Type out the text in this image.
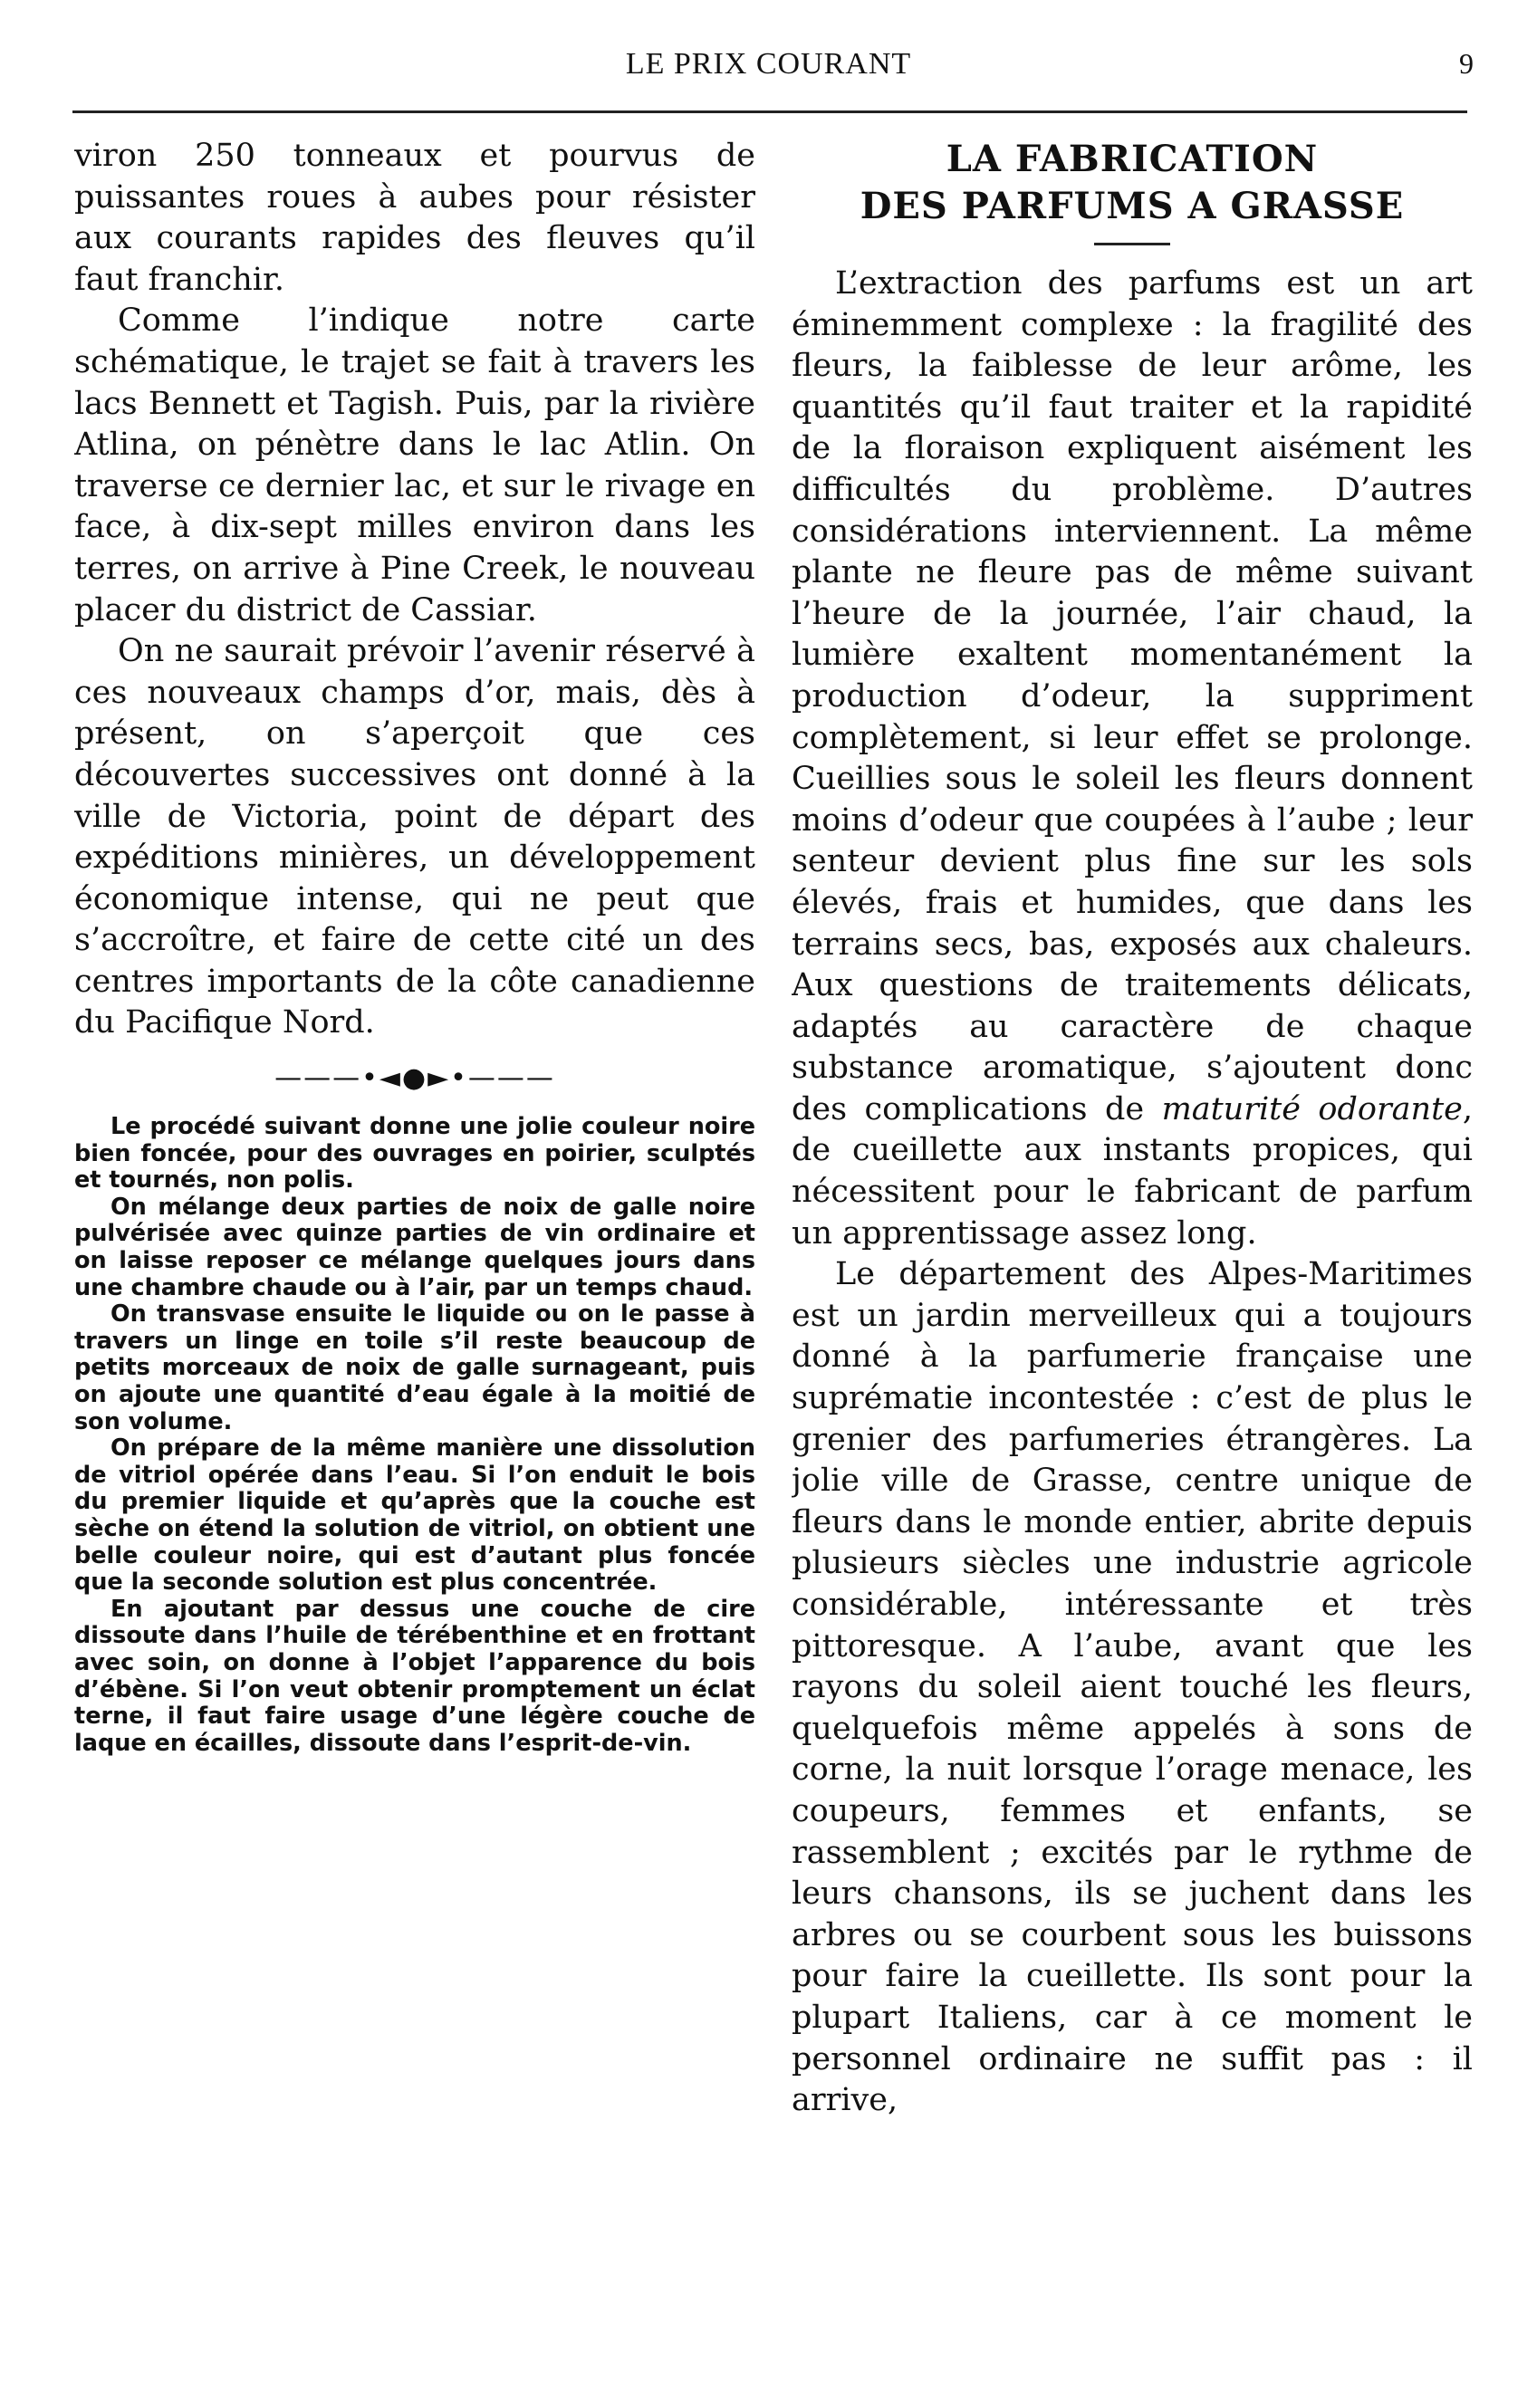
LE PRIX COURANT	9

viron 250 tonneaux et pourvus de puissantes roues à aubes pour résister aux courants rapides des fleuves qu’il faut franchir.

Comme l’indique notre carte schématique, le trajet se fait à travers les lacs Bennett et Tagish. Puis, par la rivière Atlina, on pénètre dans le lac Atlin. On traverse ce dernier lac, et sur le rivage en face, à dix-sept milles environ dans les terres, on arrive à Pine Creek, le nouveau placer du district de Cassiar.

On ne saurait prévoir l’avenir réservé à ces nouveaux champs d’or, mais, dès à présent, on s’aperçoit que ces découvertes successives ont donné à la ville de Victoria, point de départ des expéditions minières, un développement économique intense, qui ne peut que s’accroître, et faire de cette cité un des centres importants de la côte canadienne du Pacifique Nord.

———•◄●►•———

Le procédé suivant donne une jolie couleur noire bien foncée, pour des ouvrages en poirier, sculptés et tournés, non polis.

On mélange deux parties de noix de galle noire pulvérisée avec quinze parties de vin ordinaire et on laisse reposer ce mélange quelques jours dans une chambre chaude ou à l’air, par un temps chaud.

On transvase ensuite le liquide ou on le passe à travers un linge en toile s’il reste beaucoup de petits morceaux de noix de galle surnageant, puis on ajoute une quantité d’eau égale à la moitié de son volume.

On prépare de la même manière une dissolution de vitriol opérée dans l’eau. Si l’on enduit le bois du premier liquide et qu’après que la couche est sèche on étend la solution de vitriol, on obtient une belle couleur noire, qui est d’autant plus foncée que la seconde solution est plus concentrée.

En ajoutant par dessus une couche de cire dissoute dans l’huile de térébenthine et en frottant avec soin, on donne à l’objet l’apparence du bois d’ébène. Si l’on veut obtenir promptement un éclat terne, il faut faire usage d’une légère couche de laque en écailles, dissoute dans l’esprit-de-vin.

LA FABRICATION
DES PARFUMS A GRASSE

L’extraction des parfums est un art éminemment complexe : la fragilité des fleurs, la faiblesse de leur arôme, les quantités qu’il faut traiter et la rapidité de la floraison expliquent aisément les difficultés du problème. D’autres considérations interviennent. La même plante ne fleure pas de même suivant l’heure de la journée, l’air chaud, la lumière exaltent momentanément la production d’odeur, la suppriment complètement, si leur effet se prolonge. Cueillies sous le soleil les fleurs donnent moins d’odeur que coupées à l’aube ; leur senteur devient plus fine sur les sols élevés, frais et humides, que dans les terrains secs, bas, exposés aux chaleurs. Aux questions de traitements délicats, adaptés au caractère de chaque substance aromatique, s’ajoutent donc des complications de maturité odorante, de cueillette aux instants propices, qui nécessitent pour le fabricant de parfum un apprentissage assez long.

Le département des Alpes-Maritimes est un jardin merveilleux qui a toujours donné à la parfumerie française une suprématie incontestée : c’est de plus le grenier des parfumeries étrangères. La jolie ville de Grasse, centre unique de fleurs dans le monde entier, abrite depuis plusieurs siècles une industrie agricole considérable, intéressante et très pittoresque. A l’aube, avant que les rayons du soleil aient touché les fleurs, quelquefois même appelés à sons de corne, la nuit lorsque l’orage menace, les coupeurs, femmes et enfants, se rassemblent ; excités par le rythme de leurs chansons, ils se juchent dans les arbres ou se courbent sous les buissons pour faire la cueillette. Ils sont pour la plupart Italiens, car à ce moment le personnel ordinaire ne suffit pas : il arrive,
